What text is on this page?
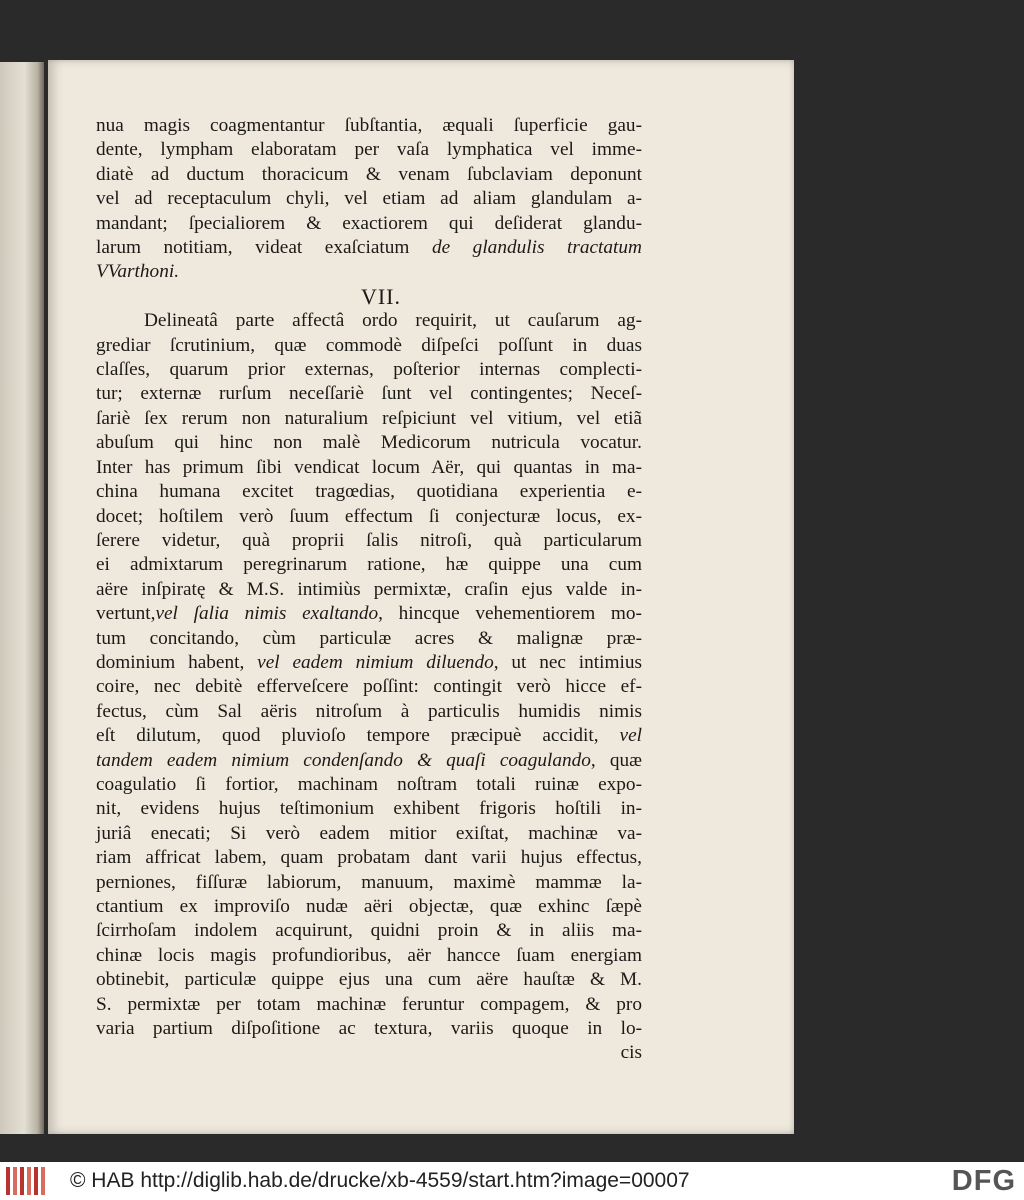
nua magis coagmentantur ſubſtantia, æquali ſuperficie gau-
dente, lympham elaboratam per vaſa lymphatica vel imme-
diatè ad ductum thoracicum & venam ſubclaviam deponunt
vel ad receptaculum chyli, vel etiam ad aliam glandulam a-
mandant; ſpecialiorem & exactiorem qui deſiderat glandu-
larum notitiam, videat exaſciatum de glandulis tractatum
VVarthoni.
VII.
Delineatâ parte affectâ ordo requirit, ut cauſarum ag-
grediar ſcrutinium, quæ commodè diſpeſci poſſunt in duas
claſſes, quarum prior externas, poſterior internas complecti-
tur; externæ rurſum neceſſariè ſunt vel contingentes; Neceſ-
ſariè ſex rerum non naturalium reſpiciunt vel vitium, vel etiã
abuſum qui hinc non malè Medicorum nutricula vocatur.
Inter has primum ſibi vendicat locum Aër, qui quantas in ma-
china humana excitet tragœdias, quotidiana experientia e-
docet; hoſtilem verò ſuum effectum ſi conjecturæ locus, ex-
ſerere videtur, quà proprii ſalis nitroſi, quà particularum
ei admixtarum peregrinarum ratione, hæ quippe una cum
aëre inſpiratę & M.S. intimiùs permixtæ, craſin ejus valde in-
vertunt,vel ſalia nimis exaltando, hincque vehementiorem mo-
tum concitando, cùm particulæ acres & malignæ præ-
dominium habent, vel eadem nimium diluendo, ut nec intimius
coire, nec debitè efferveſcere poſſint: contingit verò hicce ef-
fectus, cùm Sal aëris nitroſum à particulis humidis nimis
eſt dilutum, quod pluvioſo tempore præcipuè accidit, vel
tandem eadem nimium condenſando & quaſi coagulando, quæ
coagulatio ſi fortior, machinam noſtram totali ruinæ expo-
nit, evidens hujus teſtimonium exhibent frigoris hoſtili in-
juriâ enecati; Si verò eadem mitior exiſtat, machinæ va-
riam affricat labem, quam probatam dant varii hujus effectus,
perniones, fiſſuræ labiorum, manuum, maximè mammæ la-
ctantium ex improviſo nudæ aëri objectæ, quæ exhinc ſæpè
ſcirrhoſam indolem acquirunt, quidni proin & in aliis ma-
chinæ locis magis profundioribus, aër hancce ſuam energiam
obtinebit, particulæ quippe ejus una cum aëre hauſtæ & M.
S. permixtæ per totam machinæ feruntur compagem, & pro
varia partium diſpoſitione ac textura, variis quoque in lo-
cis
© HAB http://diglib.hab.de/drucke/xb-4559/start.htm?image=00007	DFG
